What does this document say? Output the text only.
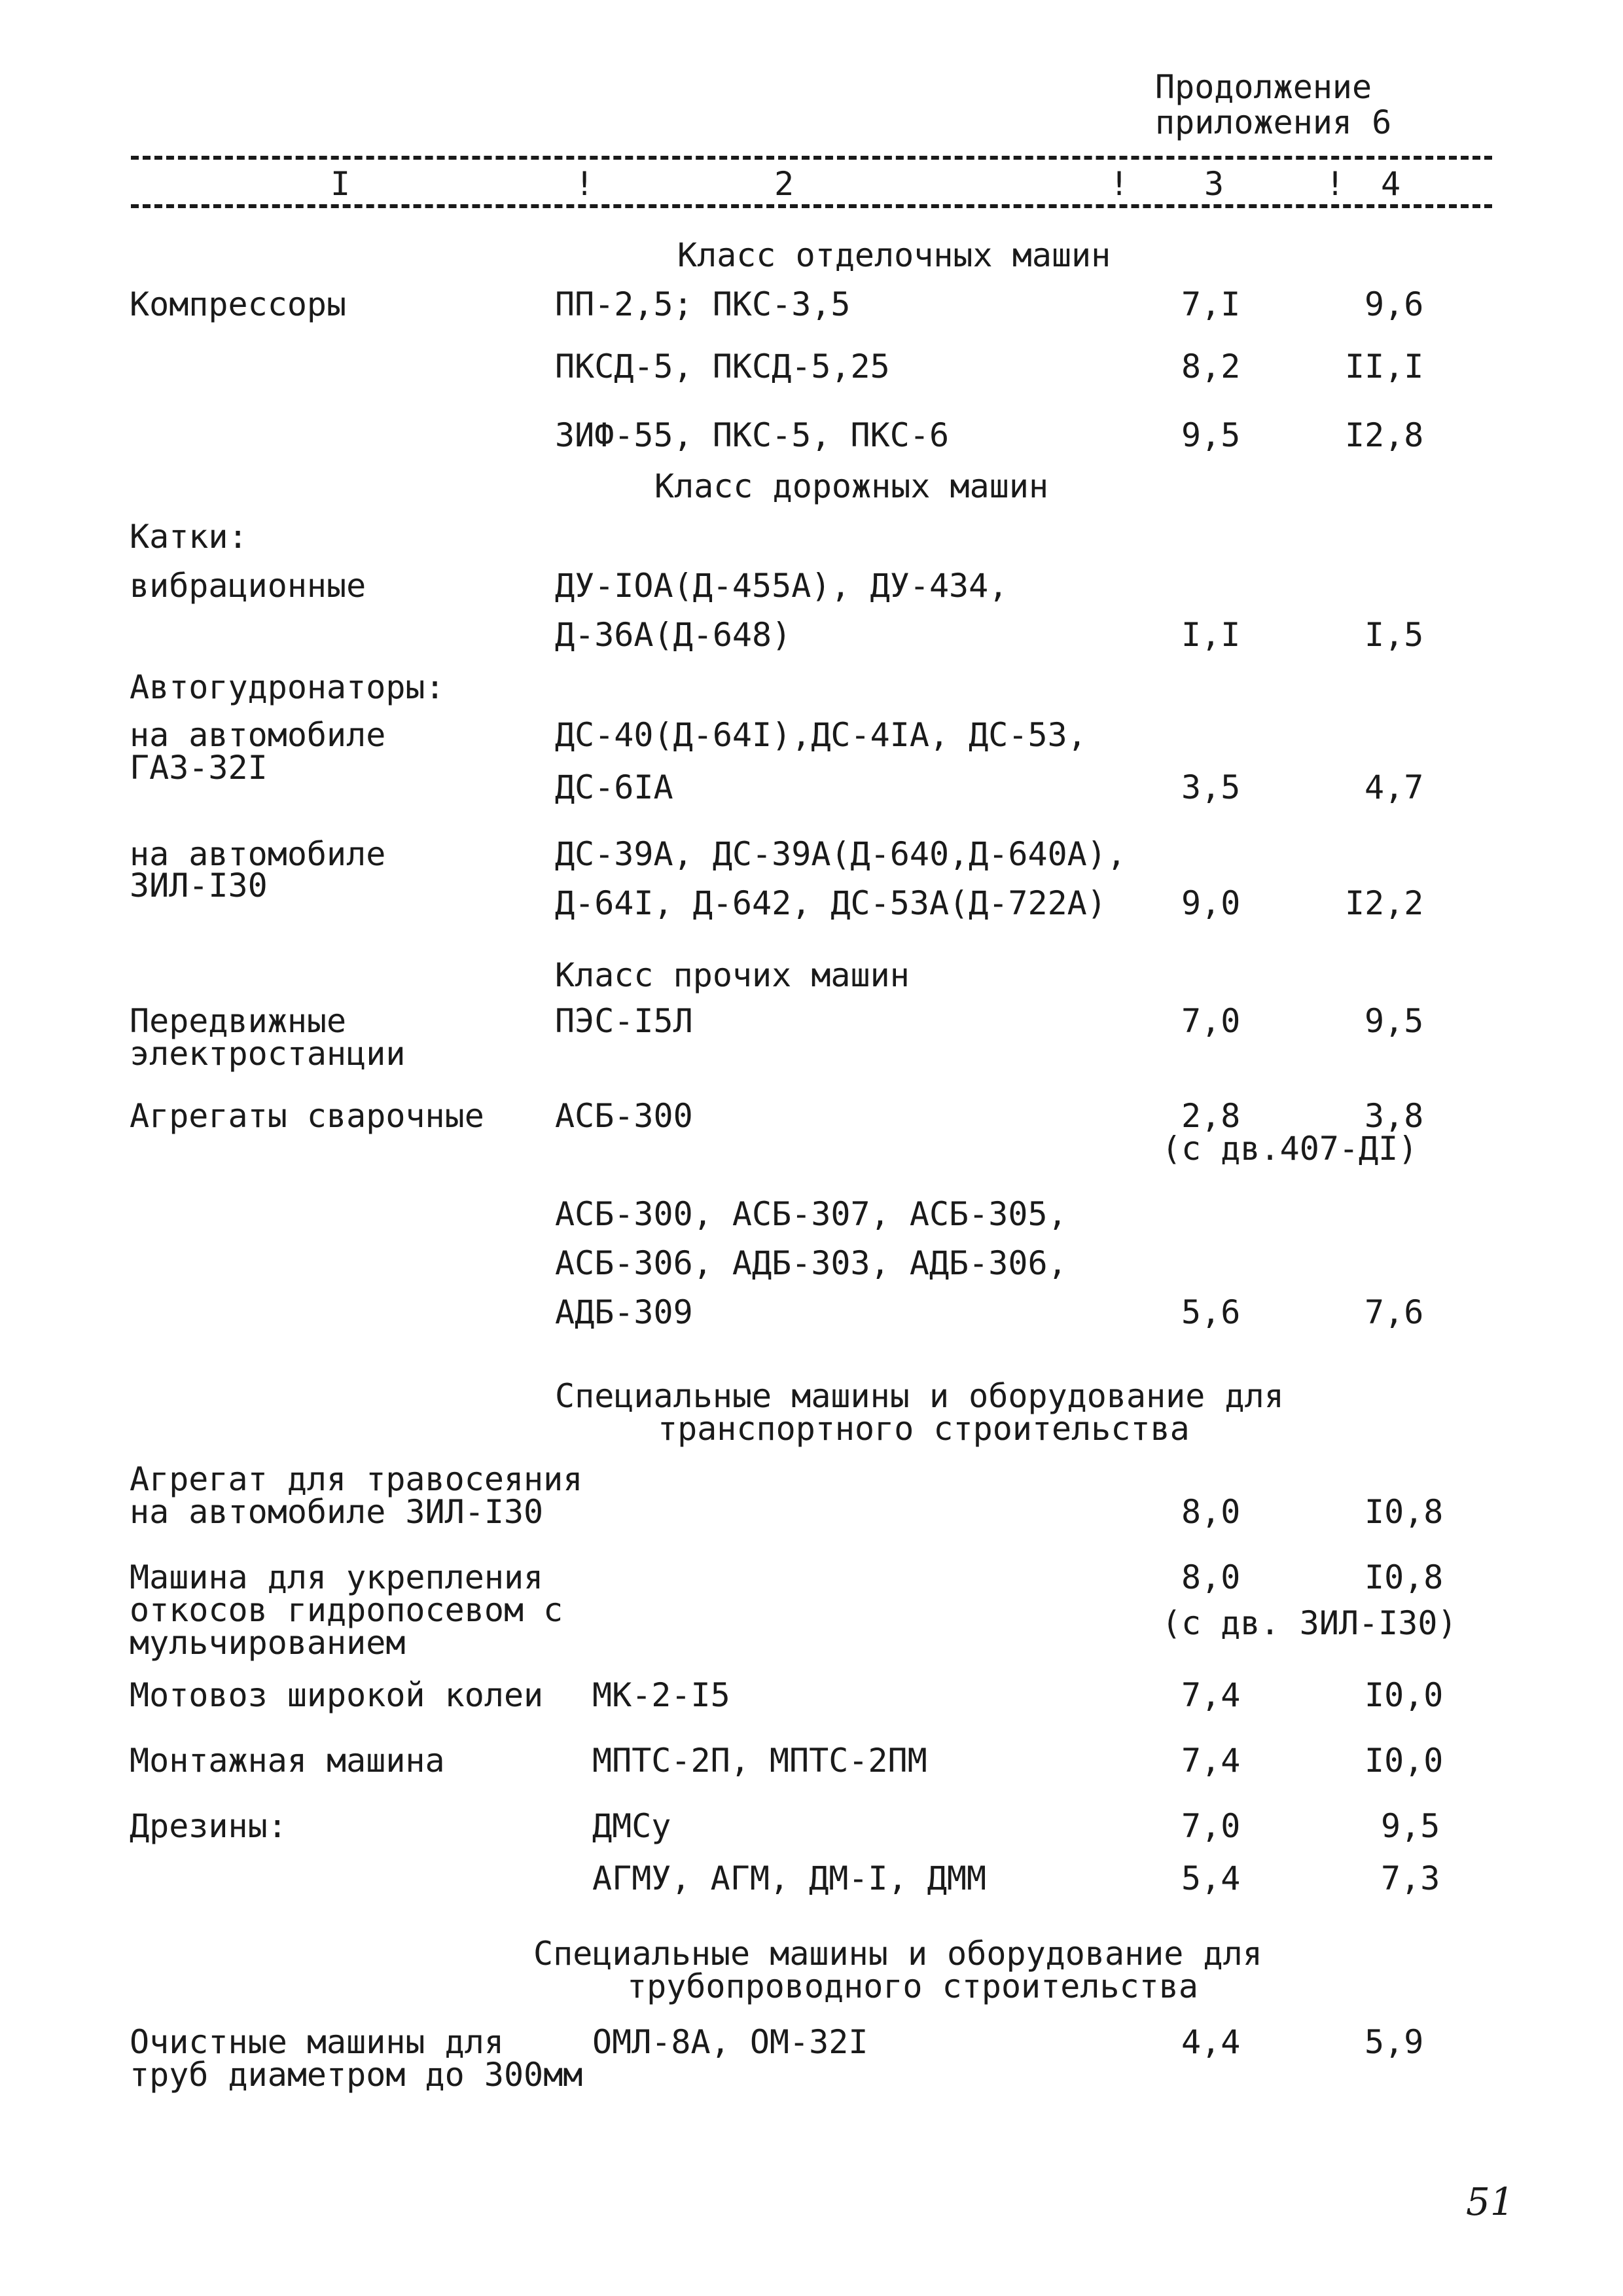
Продолжение
приложения 6
I	!	2	! 3	! 4
Класс отделочных машин
Компрессоры	ПП-2,5; ПКС-3,5	7,I	9,6
ПКСД-5, ПКСД-5,25	8,2	II,I
ЗИФ-55, ПКС-5, ПКС-6	9,5	I2,8
Класс дорожных машин
Катки:
вибрационные	ДУ-IOA(Д-455А), ДУ-434,
Д-36А(Д-648)	I,I	I,5
Автогудронаторы:
на автомобиле
ГАЗ-32I
ДС-40(Д-64I),ДС-4IА, ДС-53,
ДС-6IА	3,5	4,7
на автомобиле
ЗИЛ-I30
ДС-39А, ДС-39А(Д-640,Д-640А),
Д-64I, Д-642, ДС-53А(Д-722А) 9,0	I2,2
Класс прочих машин
Передвижные
электростанции
ПЭС-I5Л	7,0	9,5
Агрегаты сварочные АСБ-300	2,8	3,8
(с дв.407-ДI)
АСБ-300, АСБ-307, АСБ-305,
АСБ-306, АДБ-303, АДБ-306,
АДБ-309	5,6	7,6
Специальные машины и оборудование для
транспортного строительства
Агрегат для травосеяния
на автомобиле ЗИЛ-I30	8,0	I0,8
Машина для укрепления
откосов гидропосевом с
мульчированием
8,0	I0,8
(с дв. ЗИЛ-I30)
Мотовоз широкой колеи МК-2-I5	7,4	I0,0
Монтажная машина	МПТС-2П, МПТС-2ПМ	7,4	I0,0
Дрезины:	ДМСу	7,0	9,5
АГМУ, АГМ, ДМ-I, ДММ	5,4	7,3
Специальные машины и оборудование для
трубопроводного строительства
Очистные машины для
труб диаметром до 300мм
ОМЛ-8А, ОМ-32I	4,4	5,9
51
